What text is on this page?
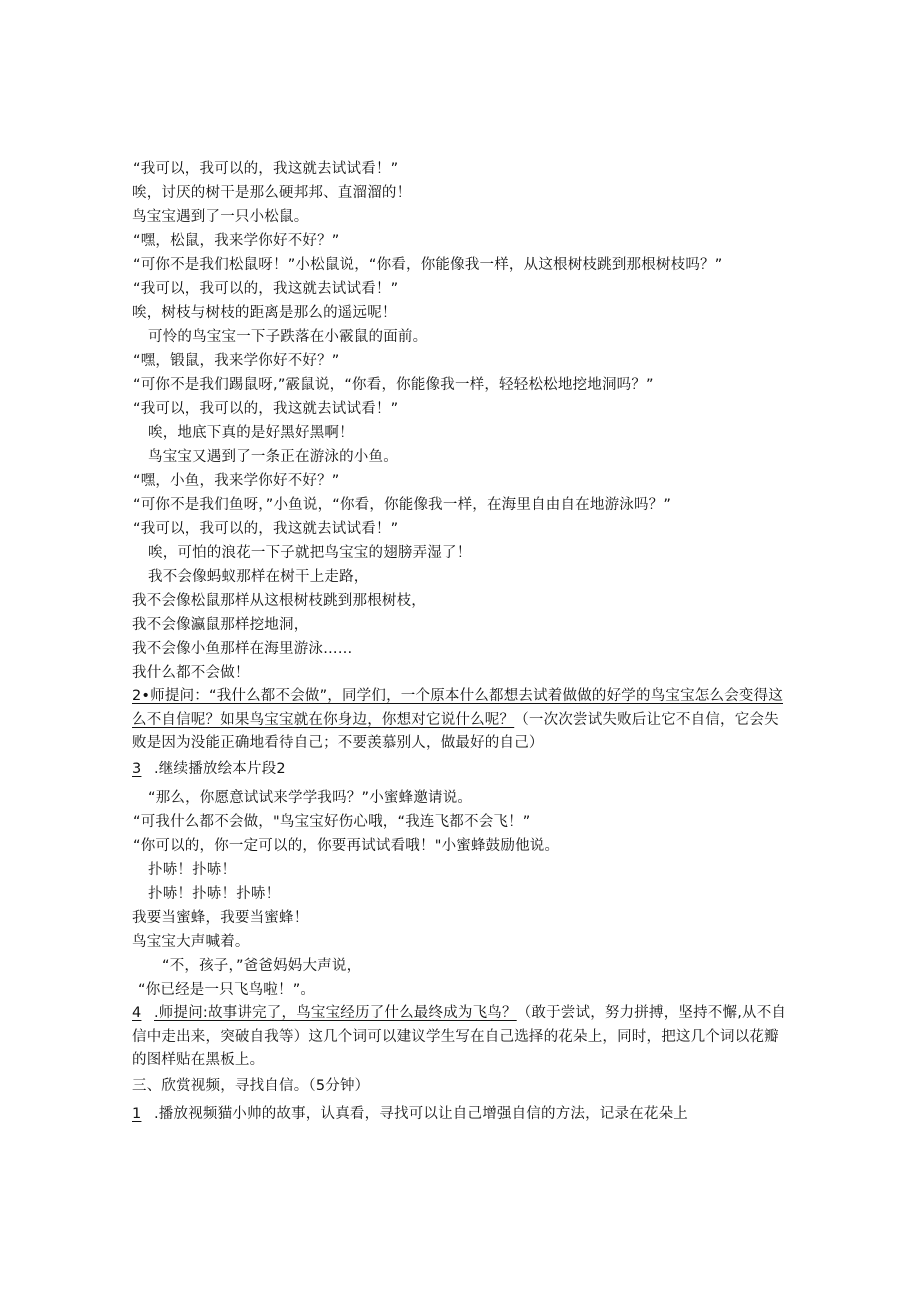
“我可以，我可以的，我这就去试试看！”
唉，讨厌的树干是那么硬邦邦、直溜溜的！
鸟宝宝遇到了一只小松鼠。
“嘿，松鼠，我来学你好不好？”
“可你不是我们松鼠呀！”小松鼠说，“你看，你能像我一样，从这根树枝跳到那根树枝吗？”
“我可以，我可以的，我这就去试试看！”
唉，树枝与树枝的距离是那么的遥远呢！
可怜的鸟宝宝一下子跌落在小霰鼠的面前。
“嘿，锻鼠，我来学你好不好？”
“可你不是我们踢鼠呀,”霰鼠说，“你看，你能像我一样，轻轻松松地挖地洞吗？”
“我可以，我可以的，我这就去试试看！”
唉，地底下真的是好黑好黑啊！
鸟宝宝又遇到了一条正在游泳的小鱼。
“嘿，小鱼，我来学你好不好？”
“可你不是我们鱼呀，”小鱼说，“你看，你能像我一样，在海里自由自在地游泳吗？”
“我可以，我可以的，我这就去试试看！”
唉，可怕的浪花一下子就把鸟宝宝的翅膀弄湿了！
我不会像蚂蚁那样在树干上走路，
我不会像松鼠那样从这根树枝跳到那根树枝，
我不会像瀛鼠那样挖地洞，
我不会像小鱼那样在海里游泳……
我什么都不会做！
2•师提问：“我什么都不会做”，同学们，一个原本什么都想去试着做做的好学的鸟宝宝怎么会变得这么不自信呢？如果鸟宝宝就在你身边，你想对它说什么呢？（一次次尝试失败后让它不自信，它会失败是因为没能正确地看待自己；不要羡慕别人，做最好的自己）
3 .继续播放绘本片段2
“那么，你愿意试试来学学我吗？”小蜜蜂邀请说。
“可我什么都不会做，"鸟宝宝好伤心哦，“我连飞都不会飞！”
“你可以的，你一定可以的，你要再试试看哦！"小蜜蜂鼓励他说。
扑哧！扑哧！
扑哧！扑哧！扑哧！
我要当蜜蜂，我要当蜜蜂！
鸟宝宝大声喊着。
“不，孩子，”爸爸妈妈大声说，
“你已经是一只飞鸟啦！”。
4 .师提问:故事讲完了，鸟宝宝经历了什么最终成为飞鸟？（敢于尝试，努力拼搏，坚持不懈,从不自信中走出来，突破自我等）这几个词可以建议学生写在自己选择的花朵上，同时，把这几个词以花瓣的图样贴在黑板上。
三、欣赏视频，寻找自信。（5分钟）
1 .播放视频猫小帅的故事，认真看，寻找可以让自己增强自信的方法，记录在花朵上
